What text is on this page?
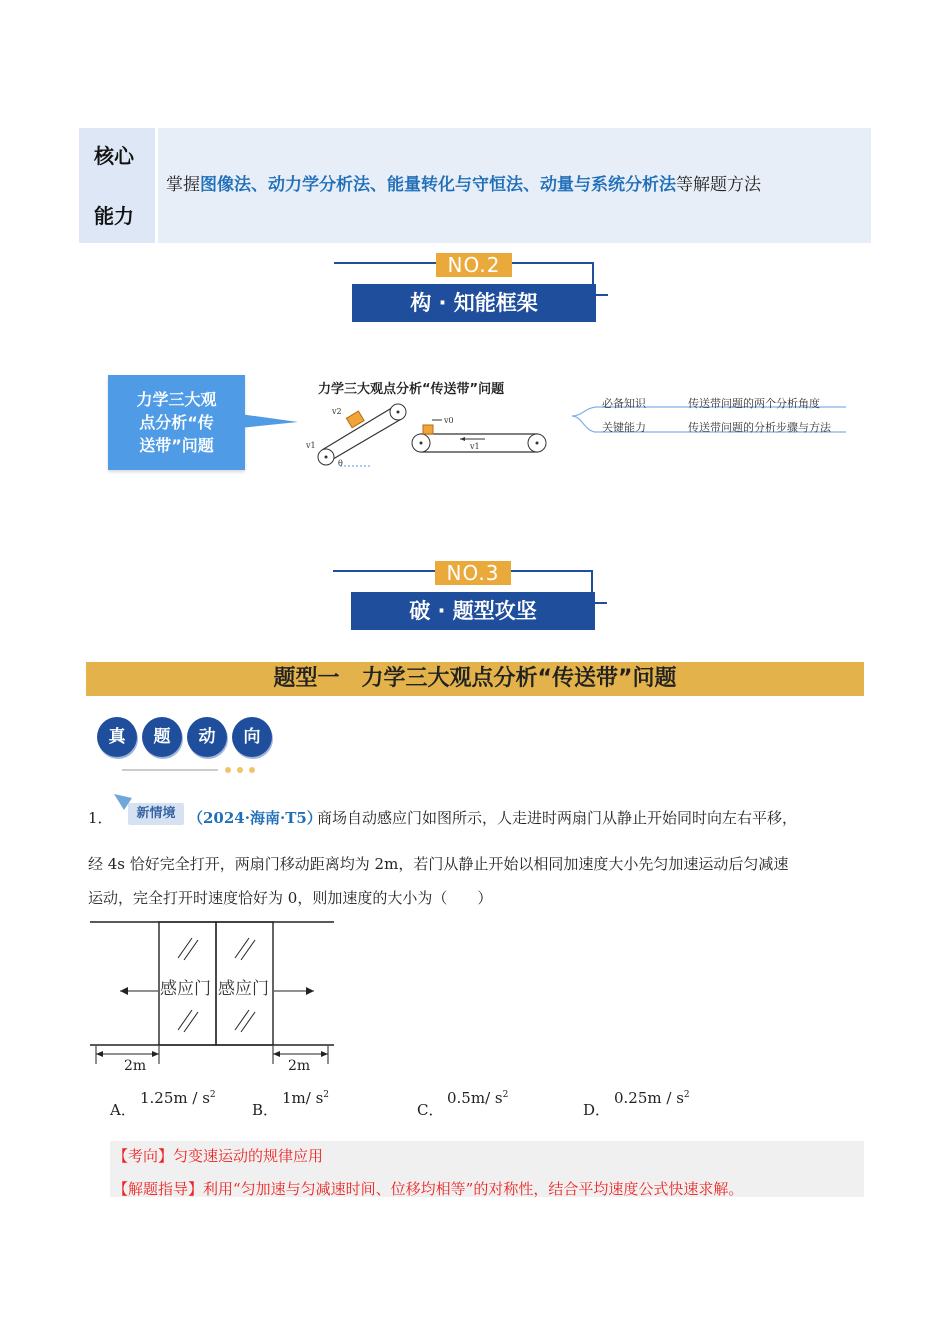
核心
能力
掌握图像法、动力学分析法、能量转化与守恒法、动量与系统分析法等解题方法
NO.2
构 · 知能框架
力学三大观
点分析“传
送带”问题
力学三大观点分析“传送带”问题
v2
v1
θ
v0
v1
必备知识	传送带问题的两个分析角度
关键能力	传送带问题的分析步骤与方法
NO.3
破 · 题型攻坚
题型一　力学三大观点分析“传送带”问题
真	题	动	向
1．	新情境 （2024·海南·T5）
商场自动感应门如图所示，人走进时两扇门从静止开始同时向左右平移，
经 4s 恰好完全打开，两扇门移动距离均为 2m，若门从静止开始以相同加速度大小先匀加速运动后匀减速
运动，完全打开时速度恰好为 0，则加速度的大小为（　　）
感应门 感应门
2m	2m
A．
$1.25m / s^2$
B．
1m/ $s^2$
C．
0.5m/ $s^2$
D．
$0.25m / s^2$
【考向】匀变速运动的规律应用
【解题指导】利用“匀加速与匀减速时间、位移均相等”的对称性，结合平均速度公式快速求解。
